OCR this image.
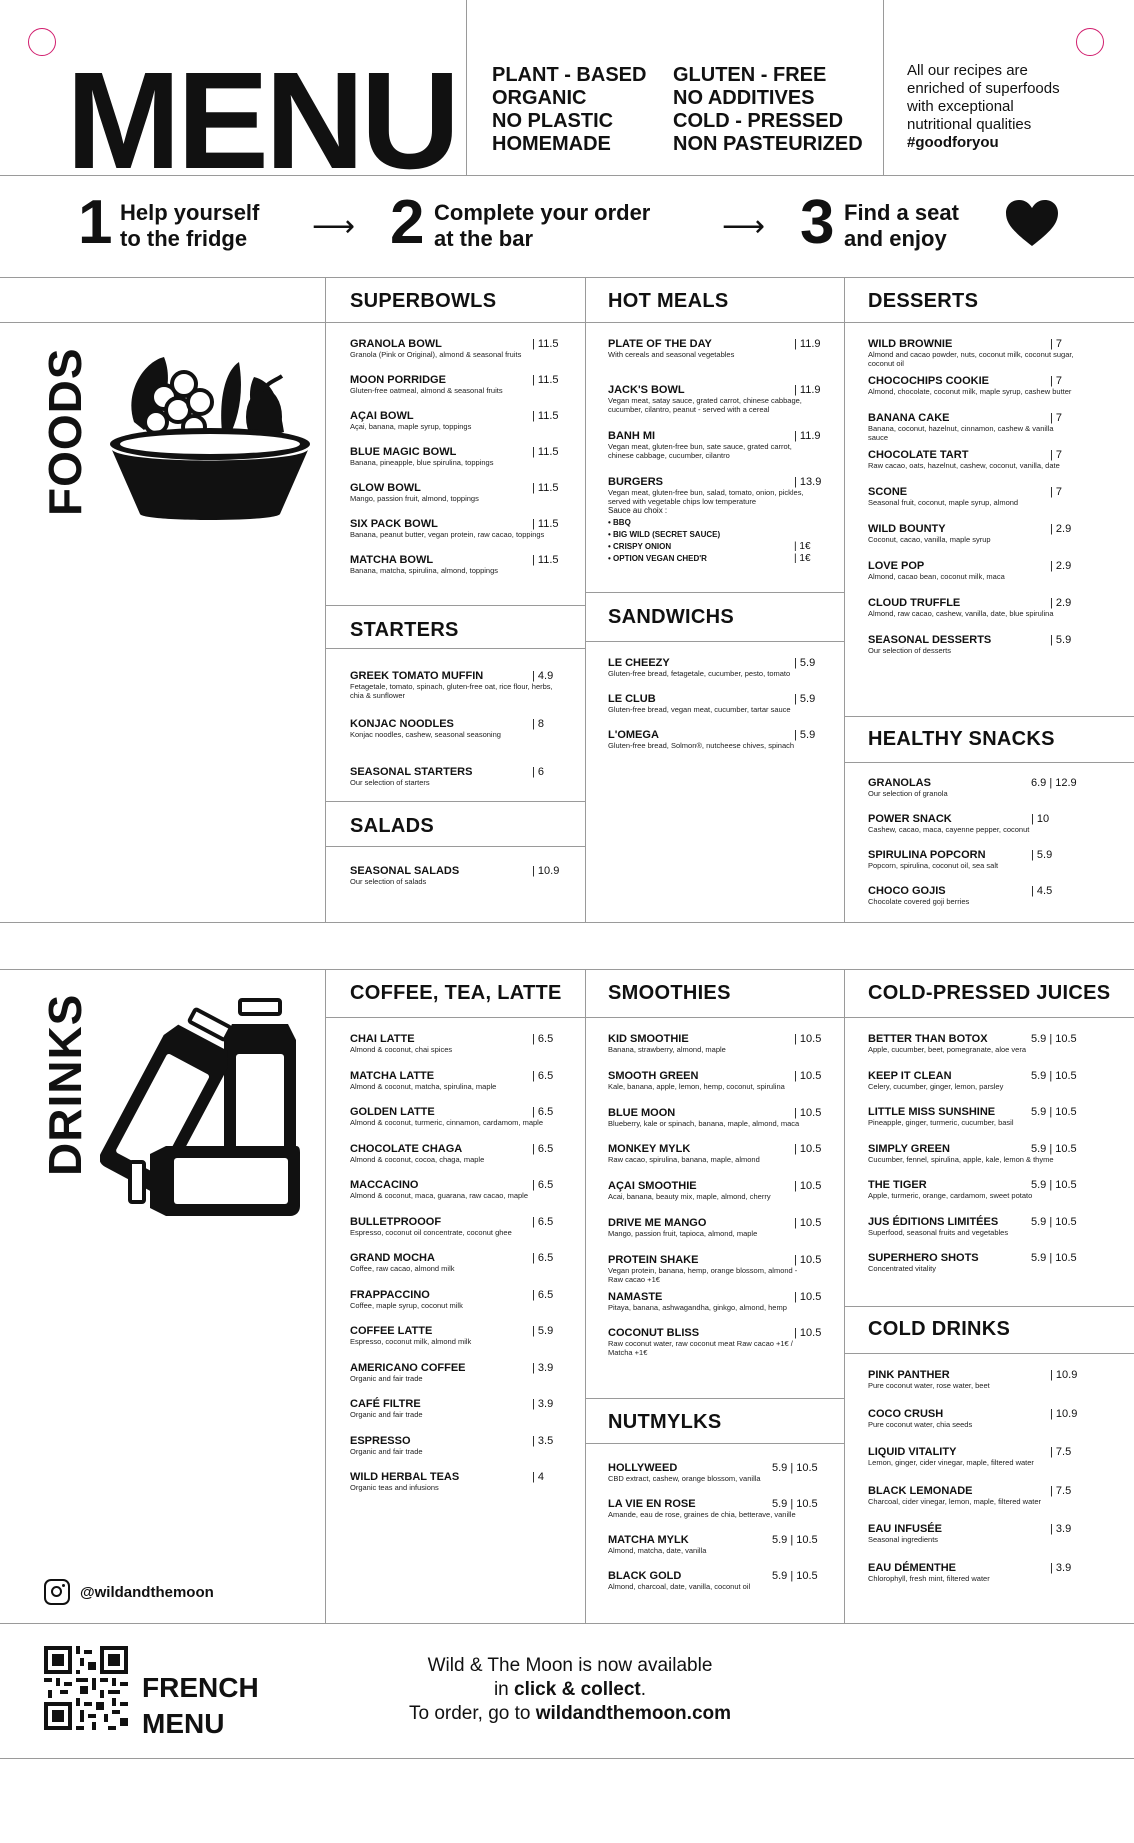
MENU PLANT - BASED
ORGANIC
NO PLASTIC
HOMEMADE
GLUTEN - FREE
NO ADDITIVES
COLD - PRESSED
NON PASTEURIZED
All our recipes are
enriched of superfoods
with exceptional
nutritional qualities
#goodforyou
1 Help yourself
to the fridge	⟶ 2 Complete your order
at the bar	⟶ 3 Find a seat
and enjoy
FOODS
SUPERBOWLS
GRANOLA BOWL
Granola (Pink or Original), almond & seasonal fruits
| 11.5
MOON PORRIDGE
Gluten-free oatmeal, almond & seasonal fruits
| 11.5
AÇAI BOWL
Açai, banana, maple syrup, toppings
| 11.5
BLUE MAGIC BOWL
Banana, pineapple, blue spirulina, toppings
| 11.5
GLOW BOWL
Mango, passion fruit, almond, toppings
| 11.5
SIX PACK BOWL
Banana, peanut butter, vegan protein, raw cacao, toppings
| 11.5
MATCHA BOWL
Banana, matcha, spirulina, almond, toppings
| 11.5
STARTERS
GREEK TOMATO MUFFIN
Fetagetale, tomato, spinach, gluten-free oat, rice flour, herbs, chia & sunflower
| 4.9
KONJAC NOODLES
Konjac noodles, cashew, seasonal seasoning
| 8
SEASONAL STARTERS
Our selection of starters
| 6
SALADS
SEASONAL SALADS
Our selection of salads
| 10.9
HOT MEALS
PLATE OF THE DAY
With cereals and seasonal vegetables
| 11.9
JACK'S BOWL
Vegan meat, satay sauce, grated carrot, chinese cabbage, cucumber, cilantro, peanut - served with a cereal
| 11.9
BANH MI
Vegan meat, gluten-free bun, sate sauce, grated carrot, chinese cabbage, cucumber, cilantro
| 11.9
BURGERS
Vegan meat, gluten-free bun, salad, tomato, onion, pickles, served with vegetable chips low temperature
| 13.9
Sauce au choix :
• BBQ
• BIG WILD (SECRET SAUCE)
• CRISPY ONION	| 1€
• OPTION VEGAN CHED'R	| 1€
SANDWICHS
LE CHEEZY
Gluten-free bread, fetagetale, cucumber, pesto, tomato
| 5.9
LE CLUB
Gluten-free bread, vegan meat, cucumber, tartar sauce
| 5.9
L'OMEGA
Gluten-free bread, Solmon®, nutcheese chives, spinach
| 5.9
DESSERTS
WILD BROWNIE
Almond and cacao powder, nuts, coconut milk, coconut sugar, coconut oil
| 7
CHOCOCHIPS COOKIE
Almond, chocolate, coconut milk, maple syrup, cashew butter
| 7
BANANA CAKE
Banana, coconut, hazelnut, cinnamon, cashew & vanilla sauce
| 7
CHOCOLATE TART
Raw cacao, oats, hazelnut, cashew, coconut, vanilla, date
| 7
SCONE
Seasonal fruit, coconut, maple syrup, almond
| 7
WILD BOUNTY
Coconut, cacao, vanilla, maple syrup
| 2.9
LOVE POP
Almond, cacao bean, coconut milk, maca
| 2.9
CLOUD TRUFFLE
Almond, raw cacao, cashew, vanilla, date, blue spirulina
| 2.9
SEASONAL DESSERTS
Our selection of desserts
| 5.9
HEALTHY SNACKS
GRANOLAS
Our selection of granola
6.9 | 12.9
POWER SNACK
Cashew, cacao, maca, cayenne pepper, coconut
| 10
SPIRULINA POPCORN
Popcorn, spirulina, coconut oil, sea salt
| 5.9
CHOCO GOJIS
Chocolate covered goji berries
| 4.5
DRINKS
COFFEE, TEA, LATTE
CHAI LATTE
Almond & coconut, chai spices
| 6.5
MATCHA LATTE
Almond & coconut, matcha, spirulina, maple
| 6.5
GOLDEN LATTE
Almond & coconut, turmeric, cinnamon, cardamom, maple
| 6.5
CHOCOLATE CHAGA
Almond & coconut, cocoa, chaga, maple
| 6.5
MACCACINO
Almond & coconut, maca, guarana, raw cacao, maple
| 6.5
BULLETPROOOF
Espresso, coconut oil concentrate, coconut ghee
| 6.5
GRAND MOCHA
Coffee, raw cacao, almond milk
| 6.5
FRAPPACCINO
Coffee, maple syrup, coconut milk
| 6.5
COFFEE LATTE
Espresso, coconut milk, almond milk
| 5.9
AMERICANO COFFEE
Organic and fair trade
| 3.9
CAFÉ FILTRE
Organic and fair trade
| 3.9
ESPRESSO
Organic and fair trade
| 3.5
WILD HERBAL TEAS
Organic teas and infusions
| 4
SMOOTHIES
KID SMOOTHIE
Banana, strawberry, almond, maple
| 10.5
SMOOTH GREEN
Kale, banana, apple, lemon, hemp, coconut, spirulina
| 10.5
BLUE MOON
Blueberry, kale or spinach, banana, maple, almond, maca
| 10.5
MONKEY MYLK
Raw cacao, spirulina, banana, maple, almond
| 10.5
AÇAI SMOOTHIE
Acai, banana, beauty mix, maple, almond, cherry
| 10.5
DRIVE ME MANGO
Mango, passion fruit, tapioca, almond, maple
| 10.5
PROTEIN SHAKE
Vegan protein, banana, hemp, orange blossom, almond - Raw cacao +1€
| 10.5
NAMASTE
Pitaya, banana, ashwagandha, ginkgo, almond, hemp
| 10.5
COCONUT BLISS
Raw coconut water, raw coconut meat Raw cacao +1€ / Matcha +1€
| 10.5
NUTMYLKS
HOLLYWEED
CBD extract, cashew, orange blossom, vanilla
5.9 | 10.5
LA VIE EN ROSE
Amande, eau de rose, graines de chia, betterave, vanille
5.9 | 10.5
MATCHA MYLK
Almond, matcha, date, vanilla
5.9 | 10.5
BLACK GOLD
Almond, charcoal, date, vanilla, coconut oil
5.9 | 10.5
COLD-PRESSED JUICES
BETTER THAN BOTOX
Apple, cucumber, beet, pomegranate, aloe vera
5.9 | 10.5
KEEP IT CLEAN
Celery, cucumber, ginger, lemon, parsley
5.9 | 10.5
LITTLE MISS SUNSHINE
Pineapple, ginger, turmeric, cucumber, basil
5.9 | 10.5
SIMPLY GREEN
Cucumber, fennel, spirulina, apple, kale, lemon & thyme
5.9 | 10.5
THE TIGER
Apple, turmeric, orange, cardamom, sweet potato
5.9 | 10.5
JUS ÉDITIONS LIMITÉES
Superfood, seasonal fruits and vegetables
5.9 | 10.5
SUPERHERO SHOTS
Concentrated vitality
5.9 | 10.5
COLD DRINKS
PINK PANTHER
Pure coconut water, rose water, beet
| 10.9
COCO CRUSH
Pure coconut water, chia seeds
| 10.9
LIQUID VITALITY
Lemon, ginger, cider vinegar, maple, filtered water
| 7.5
BLACK LEMONADE
Charcoal, cider vinegar, lemon, maple, filtered water
| 7.5
EAU INFUSÉE
Seasonal ingredients
| 3.9
EAU DÉMENTHE
Chlorophyll, fresh mint, filtered water
| 3.9
@wildandthemoon
FRENCH
MENU
Wild & The Moon is now available
in click & collect.
To order, go to wildandthemoon.com
